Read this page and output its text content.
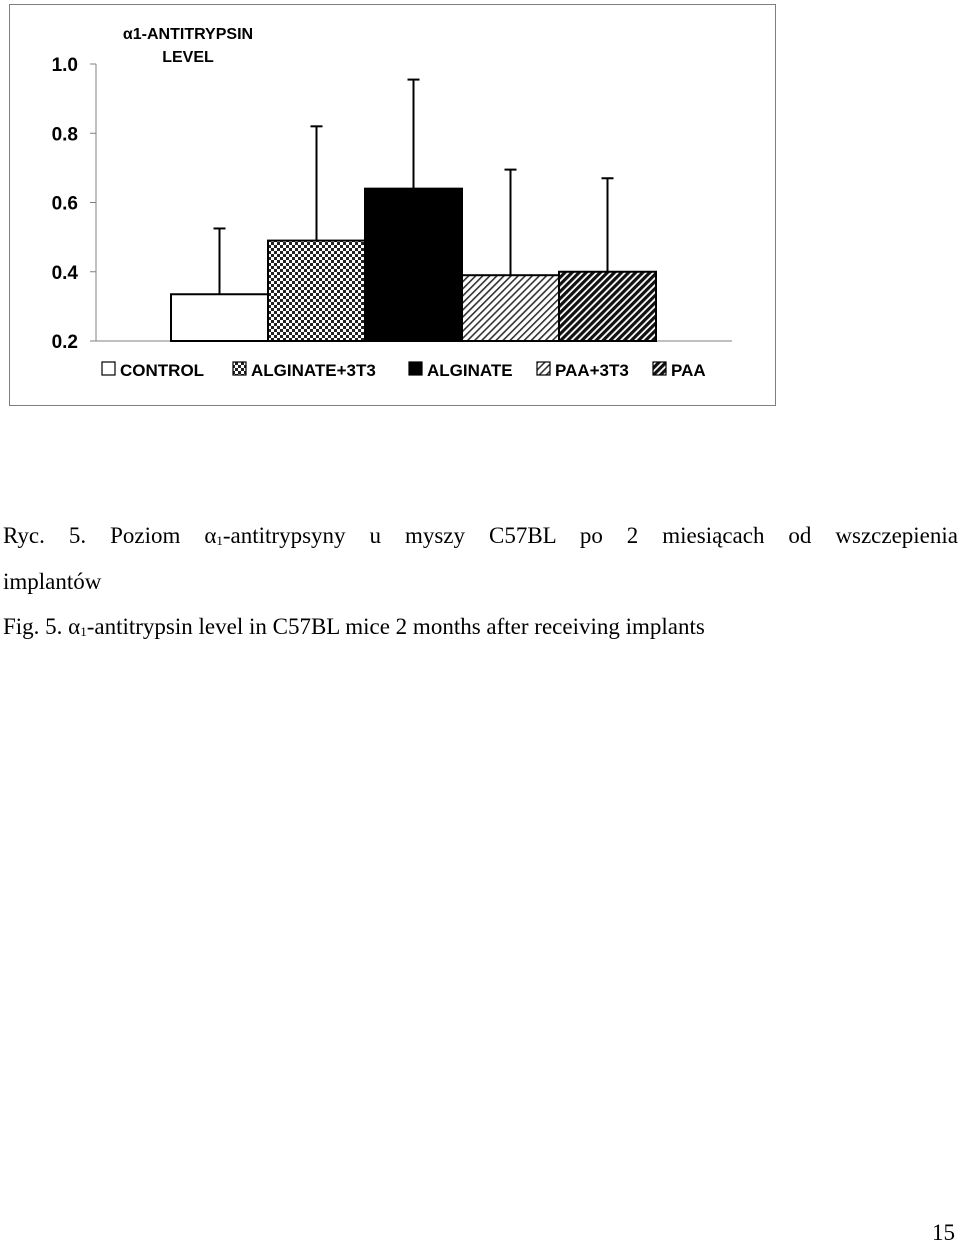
α1-ANTITRYPSIN
LEVEL
1.0
0.8
0.6
0.4
0.2
CONTROL	ALGINATE+3T3	ALGINATE PAA+3T3 PAA
Ryc. 5. Poziom $\alpha_1$-antitrypsyny u myszy C57BL po 2 miesiącach od wszczepienia
implantów
Fig. 5. $\alpha_1$-antitrypsin level in C57BL mice 2 months after receiving implants
15
